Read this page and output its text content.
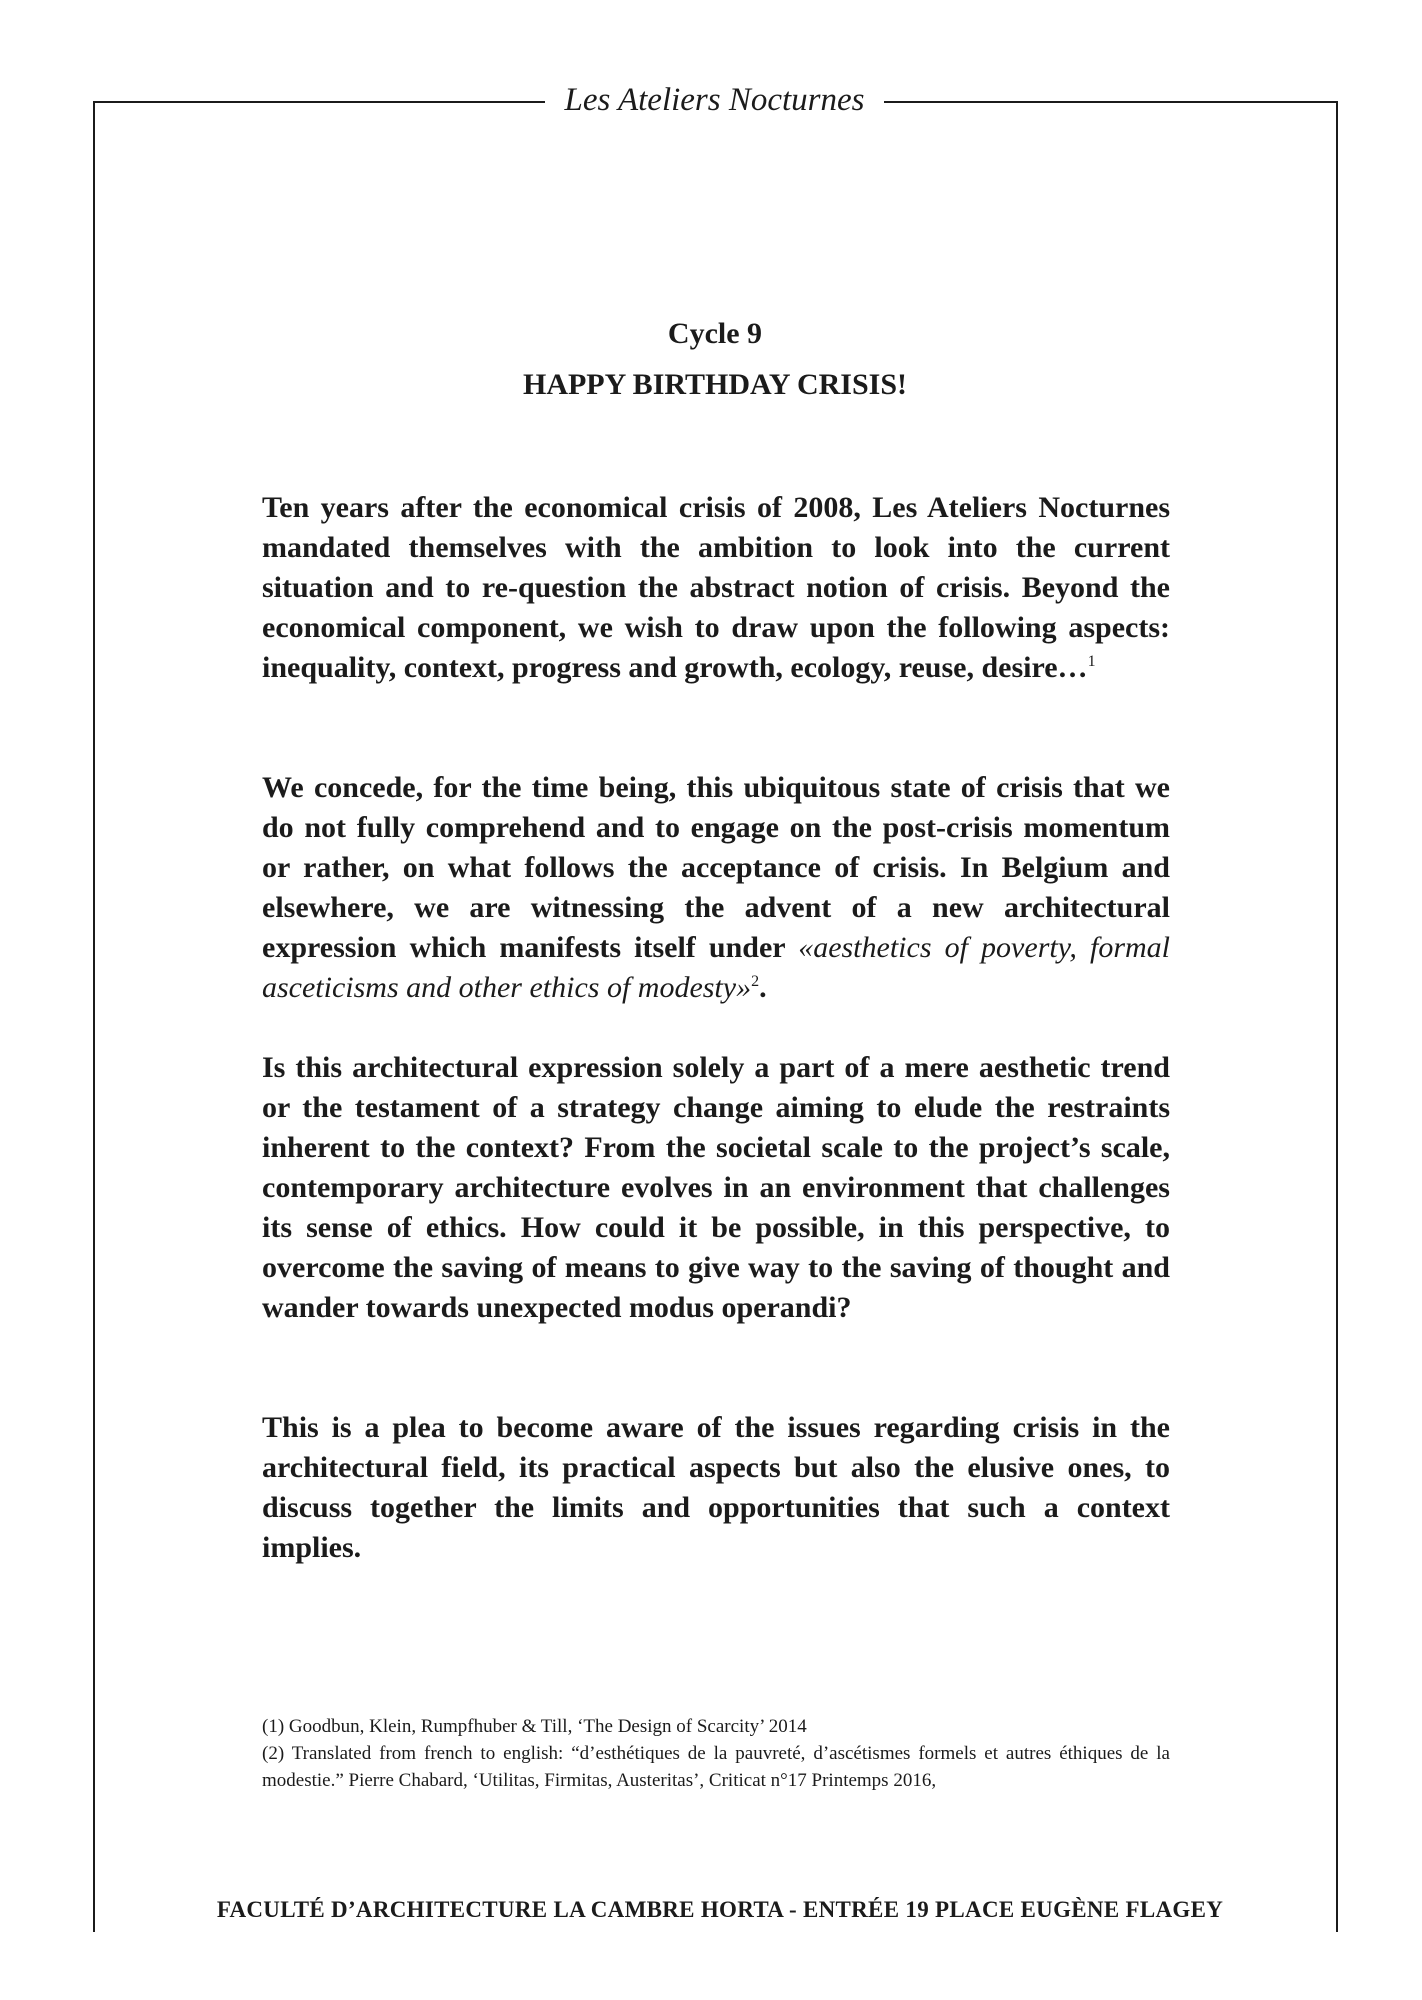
Les Ateliers Nocturnes
Cycle 9
HAPPY BIRTHDAY CRISIS!
Ten years after the economical crisis of 2008, Les Ateliers Nocturnes mandated themselves with the ambition to look into the current situation and to re-question the abstract notion of crisis. Beyond the economical component, we wish to draw upon the following aspects: inequality, context, progress and growth, ecology, reuse, desire…$^1$
We concede, for the time being, this ubiquitous state of crisis that we do not fully comprehend and to engage on the post-crisis momentum or rather, on what follows the acceptance of crisis. In Belgium and elsewhere, we are witnessing the advent of a new architectural expression which manifests itself under «aesthetics of poverty, formal asceticisms and other ethics of modesty»$^2$.
Is this architectural expression solely a part of a mere aesthetic trend or the testament of a strategy change aiming to elude the restraints inherent to the context? From the societal scale to the project’s scale, contemporary architecture evolves in an environment that challenges its sense of ethics. How could it be possible, in this perspective, to overcome the saving of means to give way to the saving of thought and wander towards unexpected modus operandi?
This is a plea to become aware of the issues regarding crisis in the architectural field, its practical aspects but also the elusive ones, to discuss together the limits and opportunities that such a context implies.

(1) Goodbun, Klein, Rumpfhuber & Till, ‘The Design of Scarcity’ 2014

(2) Translated from french to english: “d’esthétiques de la pauvreté, d’ascétismes formels et autres éthiques de la modestie.” Pierre Chabard, ‘Utilitas, Firmitas, Austeritas’, Criticat n°17 Printemps 2016,

FACULTÉ D’ARCHITECTURE LA CAMBRE HORTA - ENTRÉE 19 PLACE EUGÈNE FLAGEY
